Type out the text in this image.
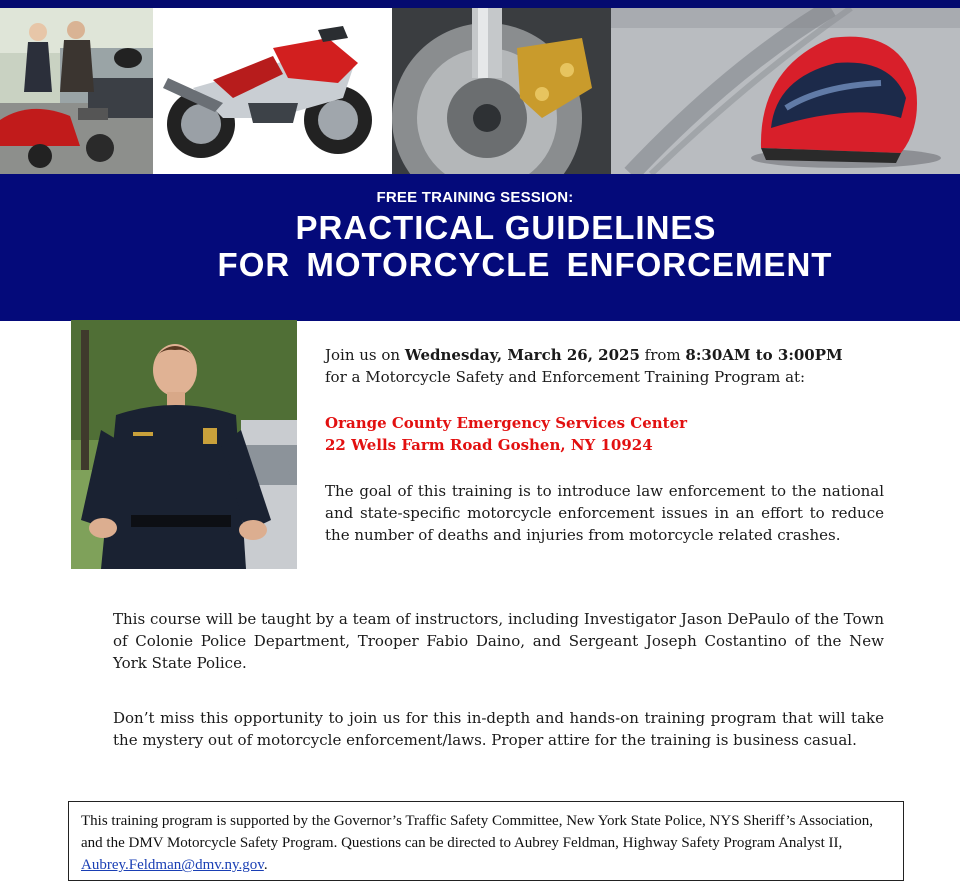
FREE TRAINING SESSION:
PRACTICAL GUIDELINES
FOR MOTORCYCLE ENFORCEMENT

Join us on Wednesday, March 26, 2025 from 8:30AM to 3:00PM

for a Motorcycle Safety and Enforcement Training Program at:

Orange County Emergency Services Center
22 Wells Farm Road Goshen, NY 10924

The goal of this training is to introduce law enforcement to the national and state-specific motorcycle enforcement issues in an effort to reduce the number of deaths and injuries from motorcycle related crashes.

This course will be taught by a team of instructors, including Investigator Jason DePaulo of the Town of Colonie Police Department, Trooper Fabio Daino, and Sergeant Joseph Costantino of the New York State Police.

Don’t miss this opportunity to join us for this in-depth and hands-on training program that will take the mystery out of motorcycle enforcement/laws. Proper attire for the training is business casual.

This training program is supported by the Governor’s Traffic Safety Committee, New York State Police, NYS Sheriff’s Association, and the DMV Motorcycle Safety Program. Questions can be directed to Aubrey Feldman, Highway Safety Program Analyst II, Aubrey.Feldman@dmv.ny.gov.
